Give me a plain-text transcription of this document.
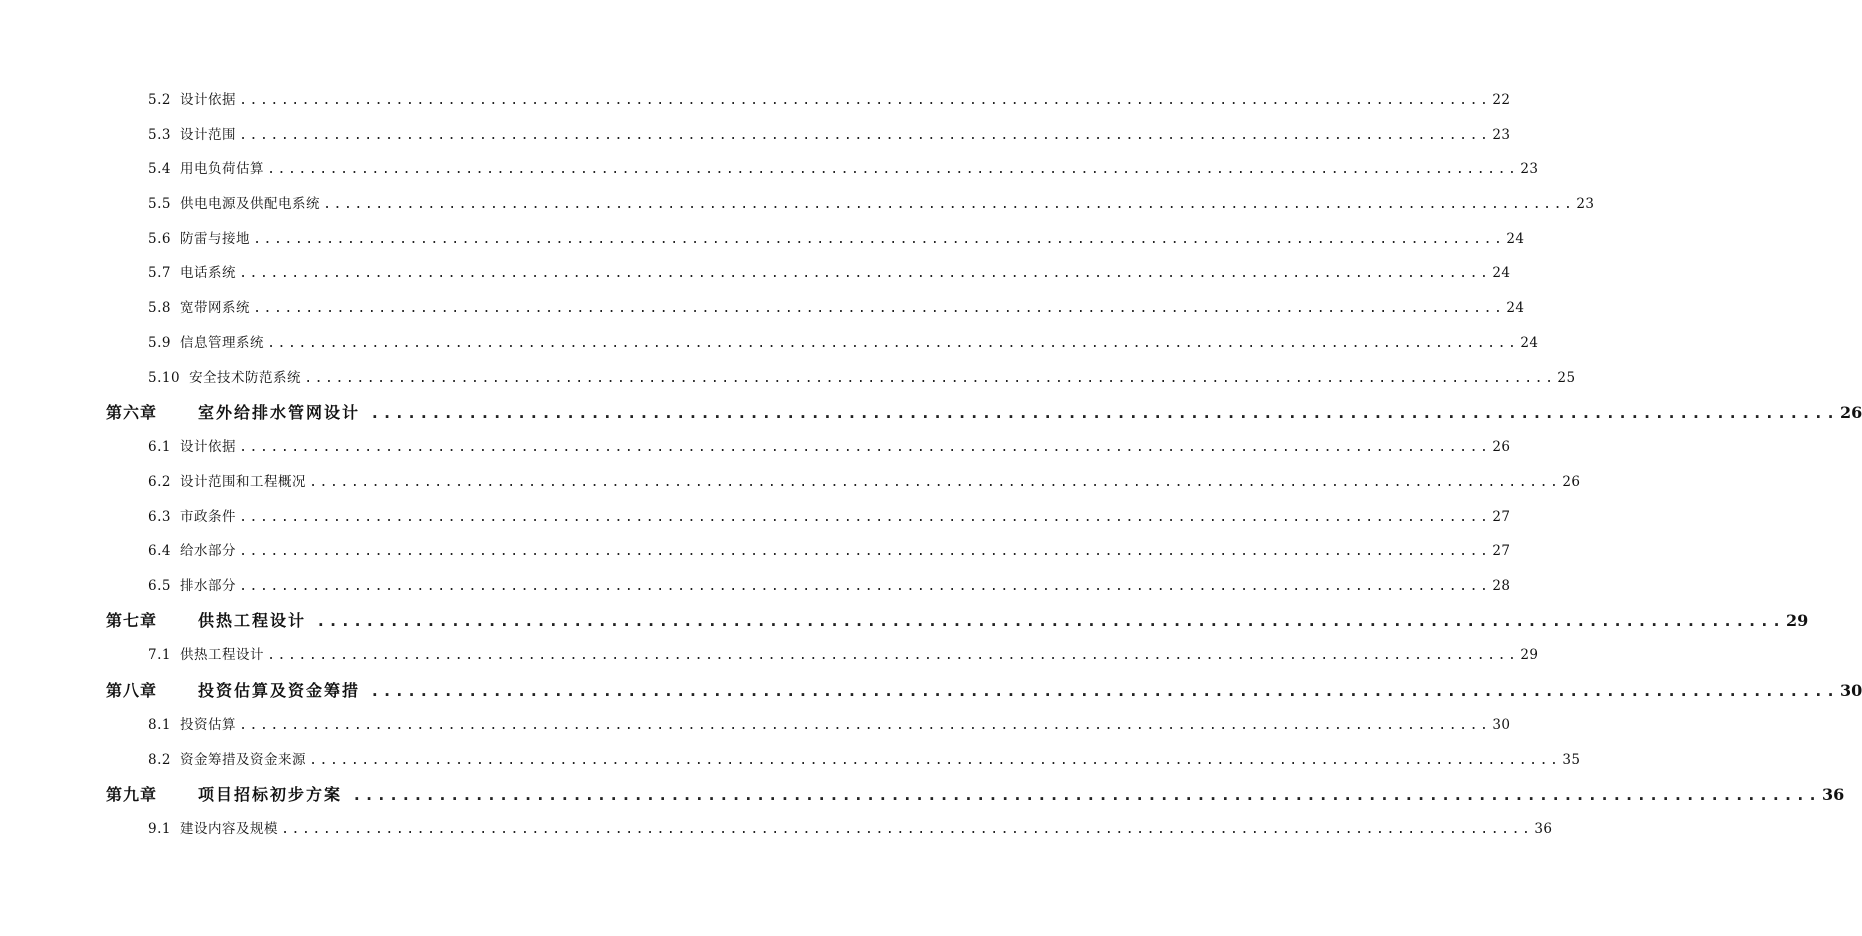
5.2 设计依据 ........................................................................................................................ 22
5.3 设计范围 ........................................................................................................................ 23
5.4 用电负荷估算 ........................................................................................................................ 23
5.5 供电电源及供配电系统 ........................................................................................................................ 23
5.6 防雷与接地 ........................................................................................................................ 24
5.7 电话系统 ........................................................................................................................ 24
5.8 宽带网系统 ........................................................................................................................ 24
5.9 信息管理系统 ........................................................................................................................ 24
5.10 安全技术防范系统 ........................................................................................................................ 25
第六章	室外给排水管网设计 ........................................................................................................................ 26
6.1 设计依据 ........................................................................................................................ 26
6.2 设计范围和工程概况 ........................................................................................................................ 26
6.3 市政条件 ........................................................................................................................ 27
6.4 给水部分 ........................................................................................................................ 27
6.5 排水部分 ........................................................................................................................ 28
第七章	供热工程设计 ........................................................................................................................ 29
7.1 供热工程设计 ........................................................................................................................ 29
第八章	投资估算及资金筹措 ........................................................................................................................ 30
8.1 投资估算 ........................................................................................................................ 30
8.2 资金筹措及资金来源 ........................................................................................................................ 35
第九章	项目招标初步方案 ........................................................................................................................ 36
9.1 建设内容及规模 ........................................................................................................................ 36
